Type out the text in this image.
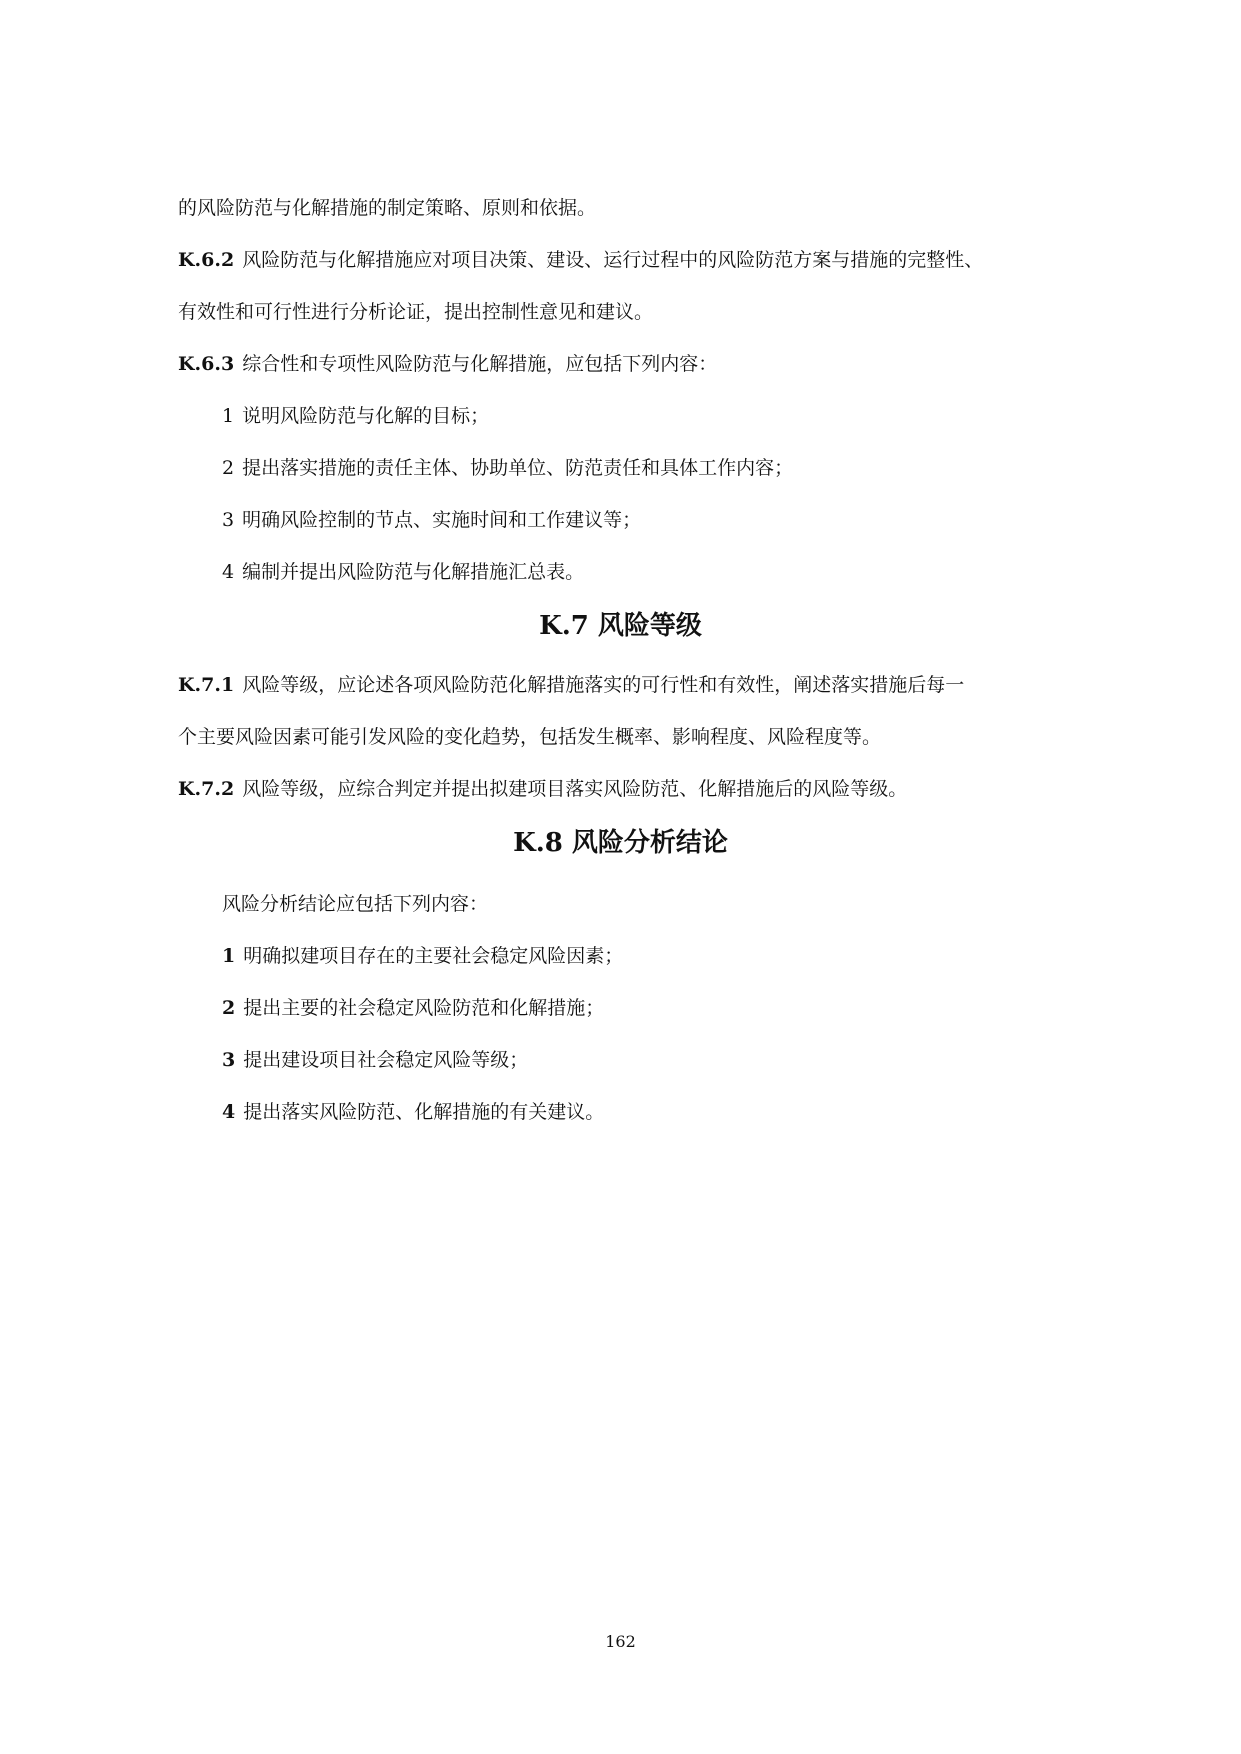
的风险防范与化解措施的制定策略、原则和依据。
K.6.2 风险防范与化解措施应对项目决策、建设、运行过程中的风险防范方案与措施的完整性、
有效性和可行性进行分析论证，提出控制性意见和建议。
K.6.3 综合性和专项性风险防范与化解措施，应包括下列内容：
1 说明风险防范与化解的目标；
2 提出落实措施的责任主体、协助单位、防范责任和具体工作内容；
3 明确风险控制的节点、实施时间和工作建议等；
4 编制并提出风险防范与化解措施汇总表。
K.7 风险等级
K.7.1 风险等级，应论述各项风险防范化解措施落实的可行性和有效性，阐述落实措施后每一
个主要风险因素可能引发风险的变化趋势，包括发生概率、影响程度、风险程度等。
K.7.2 风险等级，应综合判定并提出拟建项目落实风险防范、化解措施后的风险等级。
K.8 风险分析结论
风险分析结论应包括下列内容：
1 明确拟建项目存在的主要社会稳定风险因素；
2 提出主要的社会稳定风险防范和化解措施；
3 提出建设项目社会稳定风险等级；
4 提出落实风险防范、化解措施的有关建议。
162
